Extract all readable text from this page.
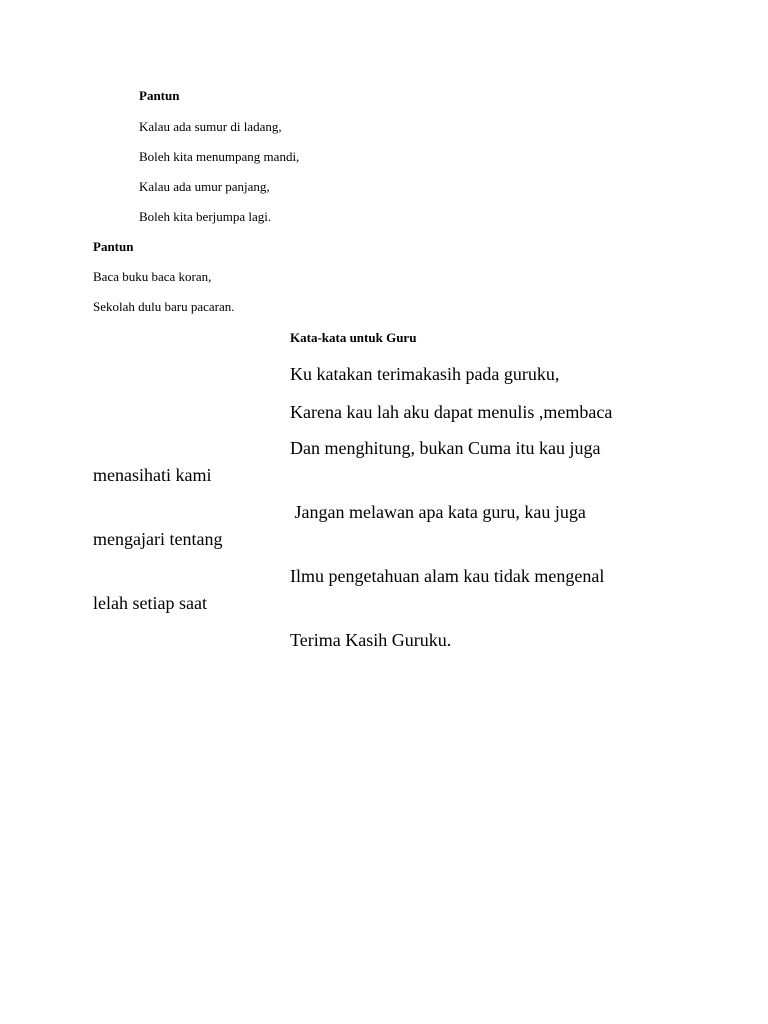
Pantun
Kalau ada sumur di ladang,
Boleh kita menumpang mandi,
Kalau ada umur panjang,
Boleh kita berjumpa lagi.
Pantun
Baca buku baca koran,
Sekolah dulu baru pacaran.
Kata-kata untuk Guru
Ku katakan terimakasih pada guruku,
Karena kau lah aku dapat menulis ,membaca
Dan menghitung, bukan Cuma itu kau juga
menasihati kami
Jangan melawan apa kata guru, kau juga
mengajari tentang
Ilmu pengetahuan alam kau tidak mengenal
lelah setiap saat
Terima Kasih Guruku.
